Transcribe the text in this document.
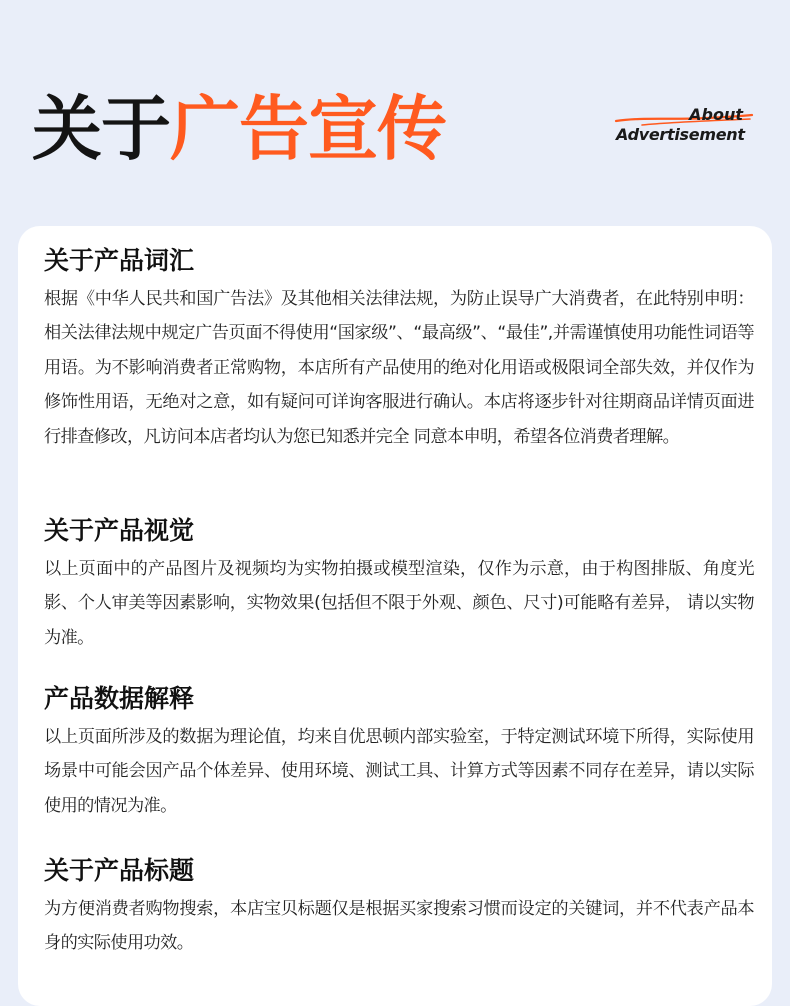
关于广告宣传	About
Advertisement
关于产品词汇

根据《中华人民共和国广告法》及其他相关法律法规，为防止误导广大消费者，在此特别申明：相关法律法规中规定广告页面不得使用“国家级”、“最高级”、“最佳”,并需谨慎使用功能性词语等用语。为不影响消费者正常购物，本店所有产品使用的绝对化用语或极限词全部失效，并仅作为修饰性用语，无绝对之意，如有疑问可详询客服进行确认。本店将逐步针对往期商品详情页面进行排查修改，凡访问本店者均认为您已知悉并完全 同意本申明，希望各位消费者理解。

关于产品视觉

以上页面中的产品图片及视频均为实物拍摄或模型渲染，仅作为示意，由于构图排版、角度光影、个人审美等因素影响，实物效果(包括但不限于外观、颜色、尺寸)可能略有差异， 请以实物为准。

产品数据解释

以上页面所涉及的数据为理论值，均来自优思顿内部实验室，于特定测试环境下所得，实际使用场景中可能会因产品个体差异、使用环境、测试工具、计算方式等因素不同存在差异，请以实际使用的情况为准。

关于产品标题

为方便消费者购物搜索，本店宝贝标题仅是根据买家搜索习惯而设定的关键词，并不代表产品本身的实际使用功效。
